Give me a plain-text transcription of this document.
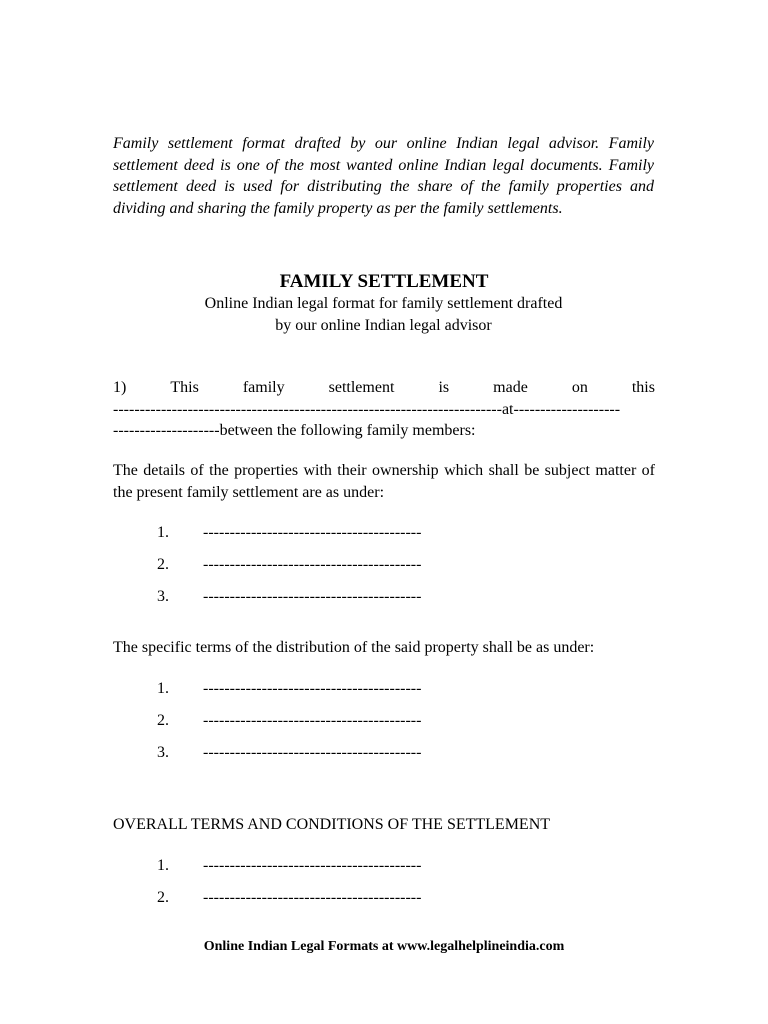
Family settlement format drafted by our online Indian legal advisor. Family settlement deed is one of the most wanted online Indian legal documents. Family settlement deed is used for distributing the share of the family properties and dividing and sharing the family property as per the family settlements.

FAMILY SETTLEMENT
Online Indian legal format for family settlement drafted
by our online Indian legal advisor
1)	This	family	settlement	is	made	on	this
-------------------------------------------------------------------------at--------------------
--------------------between the following family members:

The details of the properties with their ownership which shall be subject matter of the present family settlement are as under:

1. -----------------------------------------
2. -----------------------------------------
3. -----------------------------------------

The specific terms of the distribution of the said property shall be as under:

1. -----------------------------------------
2. -----------------------------------------
3. -----------------------------------------

OVERALL TERMS AND CONDITIONS OF THE SETTLEMENT

1. -----------------------------------------
2. -----------------------------------------

Online Indian Legal Formats at www.legalhelplineindia.com
